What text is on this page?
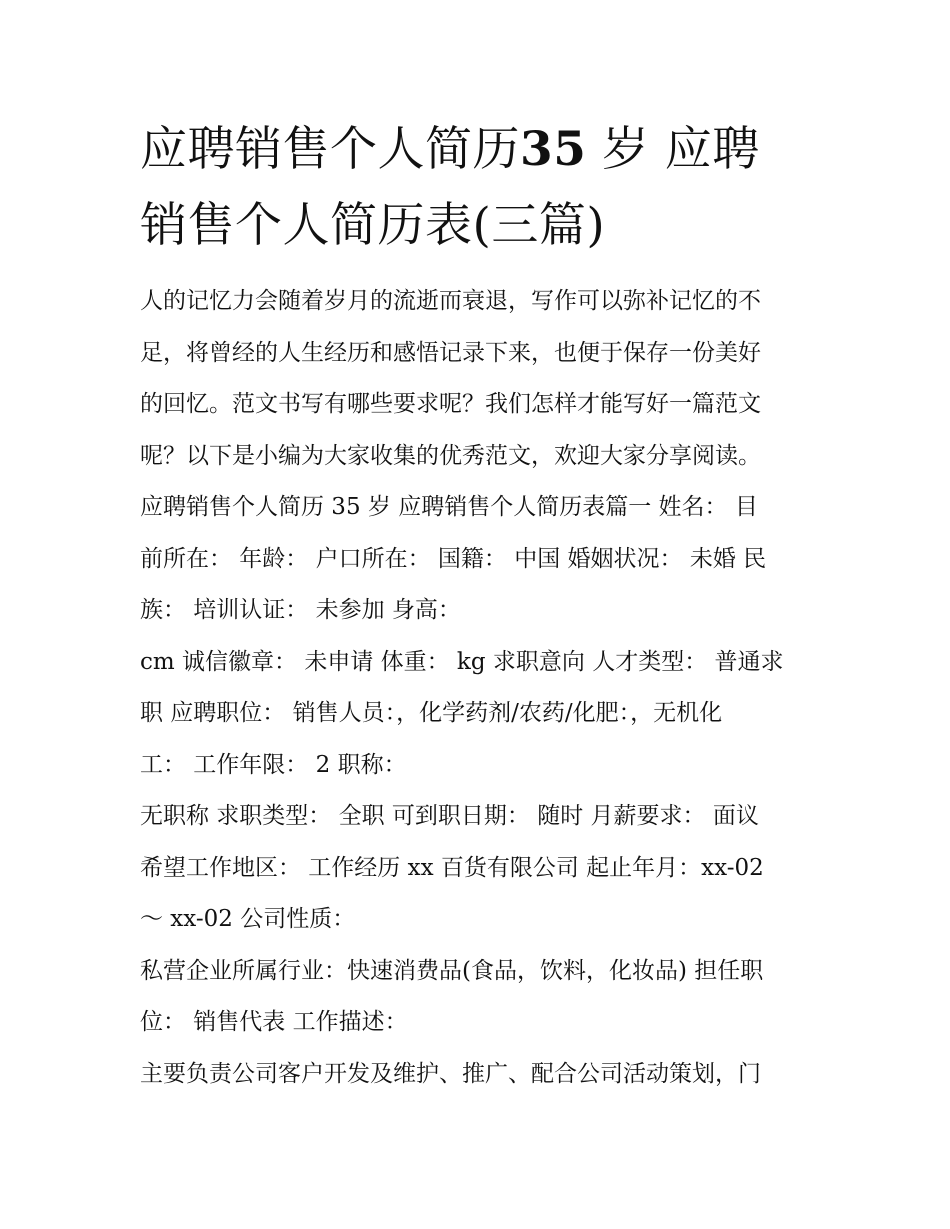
应聘销售个人简历35 岁 应聘
销售个人简历表(三篇)
人的记忆力会随着岁月的流逝而衰退，写作可以弥补记忆的不
足，将曾经的人生经历和感悟记录下来，也便于保存一份美好
的回忆。范文书写有哪些要求呢？我们怎样才能写好一篇范文
呢？以下是小编为大家收集的优秀范文，欢迎大家分享阅读。
应聘销售个人简历 35 岁 应聘销售个人简历表篇一 姓名： 目
前所在： 年龄： 户口所在： 国籍： 中国 婚姻状况： 未婚 民
族： 培训认证： 未参加 身高：
cm 诚信徽章： 未申请 体重： kg 求职意向 人才类型： 普通求
职 应聘职位： 销售人员：，化学药剂/农药/化肥：，无机化
工： 工作年限： 2 职称：
无职称 求职类型： 全职 可到职日期： 随时 月薪要求： 面议
希望工作地区： 工作经历 xx 百货有限公司 起止年月：xx-02
～ xx-02 公司性质：
私营企业所属行业：快速消费品(食品，饮料，化妆品) 担任职
位： 销售代表 工作描述：
主要负责公司客户开发及维护、推广、配合公司活动策划，门
